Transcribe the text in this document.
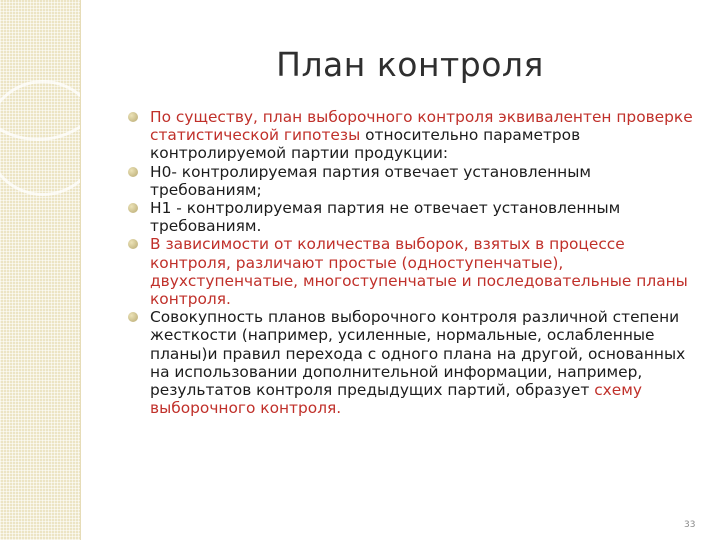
План контроля
По существу, план выборочного контроля эквивалентен проверке статистической гипотезы относительно параметров контролируемой партии продукции:
Н0- контролируемая партия отвечает установленным требованиям;
Н1 - контролируемая партия не отвечает установленным требованиям.
В зависимости от количества выборок, взятых в процессе контроля, различают простые (одноступенчатые), двухступенчатые, многоступенчатые и последовательные планы контроля.
Совокупность планов выборочного контроля различной степени жесткости (например, усиленные, нормальные, ослабленные планы)и правил перехода с одного плана на другой, основанных на использовании дополнительной информации, например, результатов контроля предыдущих партий, образует схему выборочного контроля.
33
